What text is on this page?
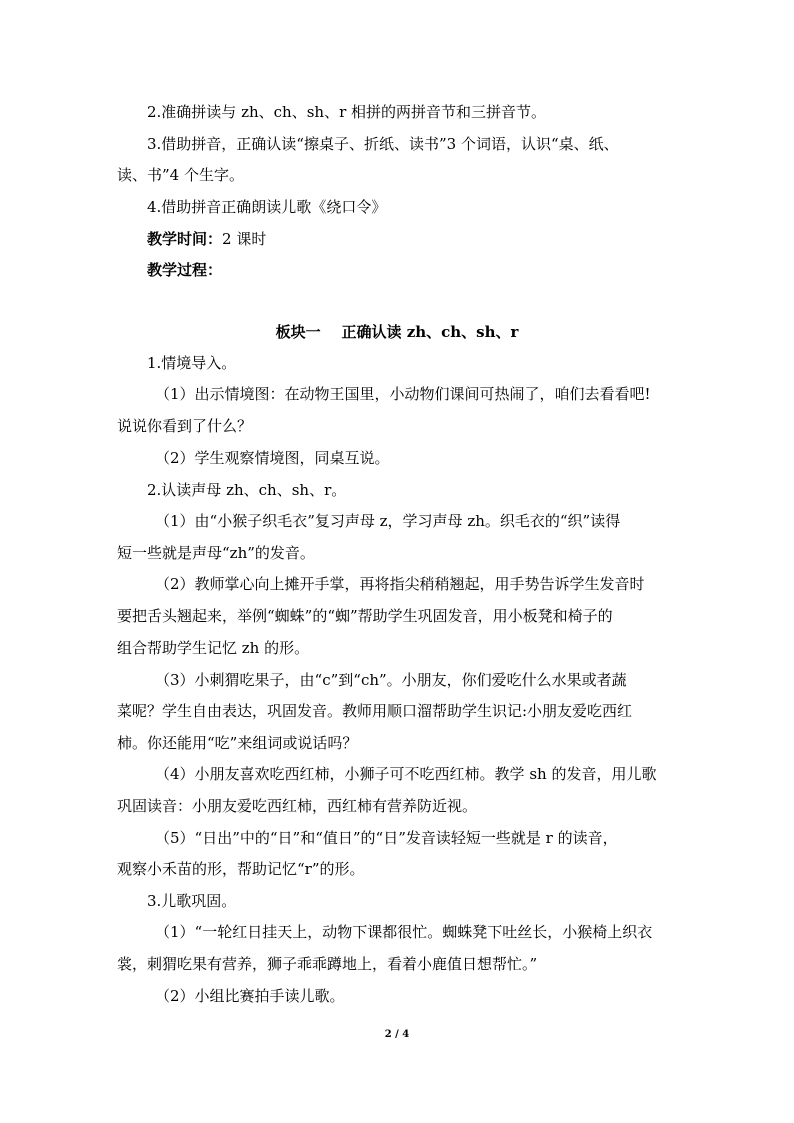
2.准确拼读与 zh、ch、sh、r 相拼的两拼音节和三拼音节。
3.借助拼音，正确认读“擦桌子、折纸、读书”3 个词语，认识“桌、纸、
读、书”4 个生字。
4.借助拼音正确朗读儿歌《绕口令》
教学时间：2 课时
教学过程：
板块一    正确认读 zh、ch、sh、r
1.情境导入。
（1）出示情境图：在动物王国里，小动物们课间可热闹了，咱们去看看吧!
说说你看到了什么？
（2）学生观察情境图，同桌互说。
2.认读声母 zh、ch、sh、r。
（1）由“小猴子织毛衣”复习声母 z，学习声母 zh。织毛衣的“织”读得
短一些就是声母“zh”的发音。
（2）教师掌心向上摊开手掌，再将指尖稍稍翘起，用手势告诉学生发音时
要把舌头翘起来，举例“蜘蛛”的“蜘”帮助学生巩固发音，用小板凳和椅子的
组合帮助学生记忆 zh 的形。
（3）小刺猬吃果子，由“c”到“ch”。小朋友，你们爱吃什么水果或者蔬
菜呢？学生自由表达，巩固发音。教师用顺口溜帮助学生识记:小朋友爱吃西红
柿。你还能用“吃”来组词或说话吗？
（4）小朋友喜欢吃西红柿，小狮子可不吃西红柿。教学 sh 的发音，用儿歌
巩固读音：小朋友爱吃西红柿，西红柿有营养防近视。
（5）“日出”中的“日”和“值日”的“日”发音读轻短一些就是 r 的读音，
观察小禾苗的形，帮助记忆“r”的形。
3.儿歌巩固。
（1）“一轮红日挂天上，动物下课都很忙。蜘蛛凳下吐丝长，小猴椅上织衣
裳，刺猬吃果有营养，狮子乖乖蹲地上，看着小鹿值日想帮忙。”
（2）小组比赛拍手读儿歌。
2 / 4
